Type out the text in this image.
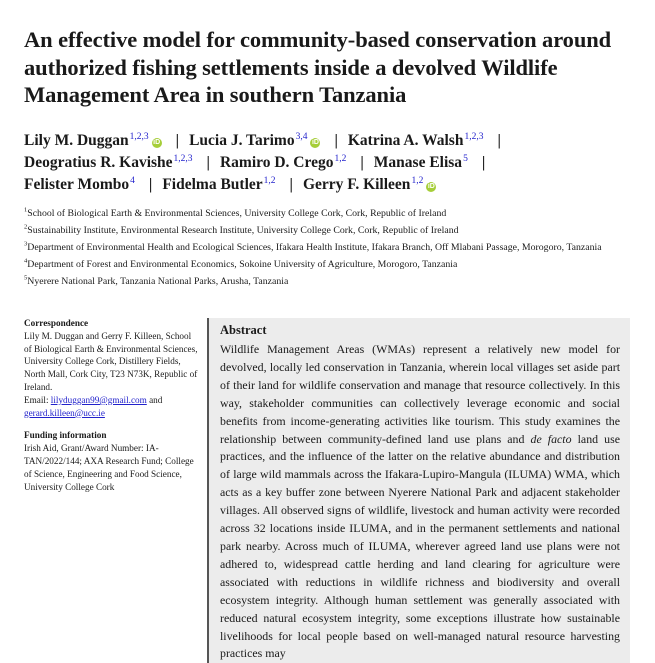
An effective model for community-based conservation around authorized fishing settlements inside a devolved Wildlife Management Area in southern Tanzania
Lily M. Duggan$^{1,2,3}$iD | Lucia J. Tarimo$^{3,4}$iD | Katrina A. Walsh$^{1,2,3}$ |
Deogratius R. Kavishe$^{1,2,3}$ | Ramiro D. Crego$^{1,2}$ | Manase Elisa$^5$ |
Felister Mombo$^4$ | Fidelma Butler$^{1,2}$ | Gerry F. Killeen$^{1,2}$iD
$^1$School of Biological Earth & Environmental Sciences, University College Cork, Cork, Republic of Ireland
$^2$Sustainability Institute, Environmental Research Institute, University College Cork, Cork, Republic of Ireland
$^3$Department of Environmental Health and Ecological Sciences, Ifakara Health Institute, Ifakara Branch, Off Mlabani Passage, Morogoro, Tanzania
$^4$Department of Forest and Environmental Economics, Sokoine University of Agriculture, Morogoro, Tanzania
$^5$Nyerere National Park, Tanzania National Parks, Arusha, Tanzania
Correspondence

Lily M. Duggan and Gerry F. Killeen, School of Biological Earth & Environmental Sciences, University College Cork, Distillery Fields, North Mall, Cork City, T23 N73K, Republic of Ireland.
Email: lilyduggan99@gmail.com and gerard.killeen@ucc.ie

Funding information

Irish Aid, Grant/Award Number: IA-TAN/2022/144; AXA Research Fund; College of Science, Engineering and Food Science, University College Cork

Abstract

Wildlife Management Areas (WMAs) represent a relatively new model for devolved, locally led conservation in Tanzania, wherein local villages set aside part of their land for wildlife conservation and manage that resource collectively. In this way, stakeholder communities can collectively leverage economic and social benefits from income-generating activities like tourism. This study examines the relationship between community-defined land use plans and de facto land use practices, and the influence of the latter on the relative abundance and distribution of large wild mammals across the Ifakara-Lupiro-Mangula (ILUMA) WMA, which acts as a key buffer zone between Nyerere National Park and adjacent stakeholder villages. All observed signs of wildlife, livestock and human activity were recorded across 32 locations inside ILUMA, and in the permanent settlements and national park nearby. Across much of ILUMA, wherever agreed land use plans were not adhered to, widespread cattle herding and land clearing for agriculture were associated with reductions in wildlife richness and biodiversity and overall ecosystem integrity. Although human settlement was generally associated with reduced natural ecosystem integrity, some exceptions illustrate how sustainable livelihoods for local people based on well-managed natural resource harvesting practices may
